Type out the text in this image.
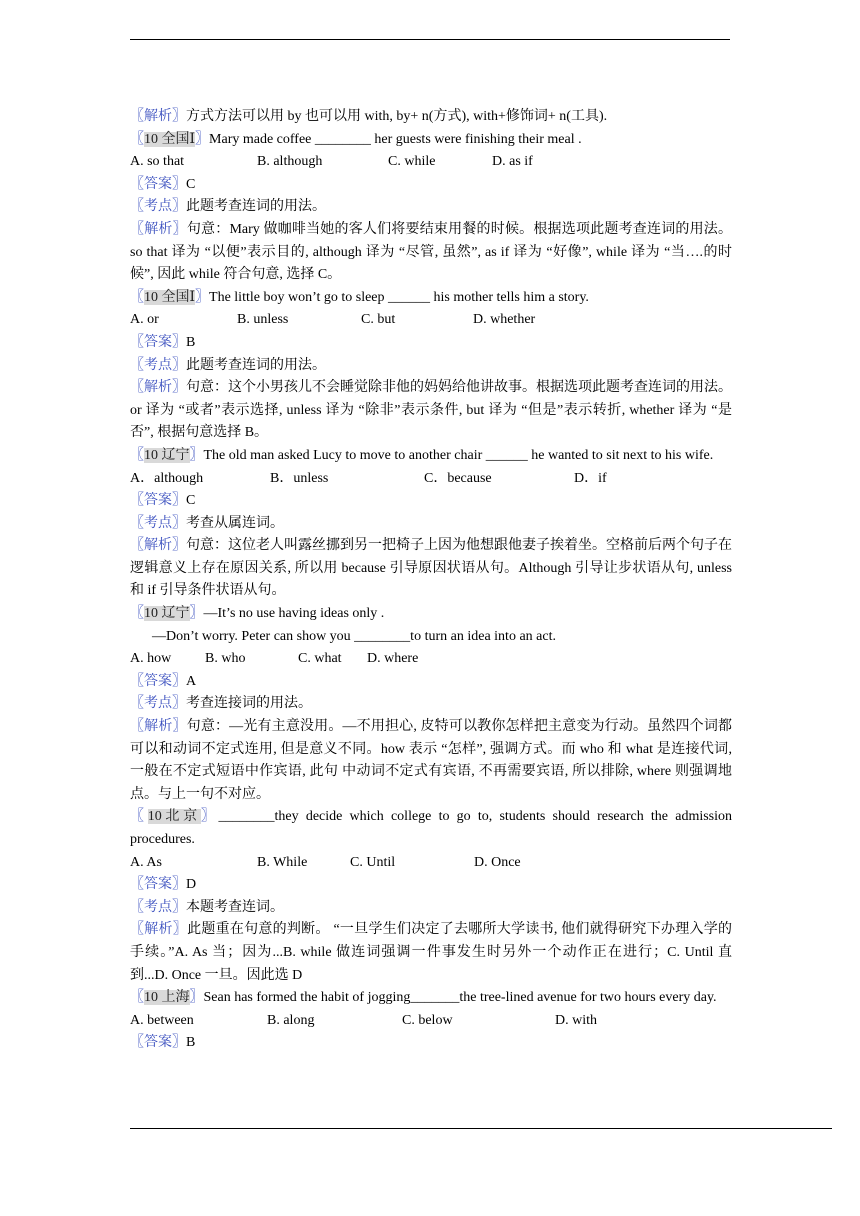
〖解析〗方式方法可以用 by 也可以用 with, by+ n(方式), with+修饰词+ n(工具).
〖10 全国Ⅰ〗Mary made coffee ________ her guests were finishing their meal .
A. so that	B. although	C. while	D. as if
〖答案〗C
〖考点〗此题考查连词的用法。
〖解析〗句意：Mary 做咖啡当她的客人们将要结束用餐的时候。根据选项此题考查连词的用法。so that 译为 “以便”表示目的, although 译为 “尽管, 虽然”, as if 译为 “好像”, while 译为 “当….的时候”, 因此 while 符合句意, 选择 C。
〖10 全国Ⅰ〗The little boy won’t go to sleep ______ his mother tells him a story.
A. or	B. unless	C. but	D. whether
〖答案〗B
〖考点〗此题考查连词的用法。
〖解析〗句意：这个小男孩儿不会睡觉除非他的妈妈给他讲故事。根据选项此题考查连词的用法。or 译为 “或者”表示选择, unless 译为 “除非”表示条件, but 译为 “但是”表示转折, whether 译为 “是否”, 根据句意选择 B。
〖10 辽宁〗The old man asked Lucy to move to another chair ______ he wanted to sit next to his wife.
A．although	B．unless	C．because	D．if
〖答案〗C
〖考点〗考查从属连词。
〖解析〗句意：这位老人叫露丝挪到另一把椅子上因为他想跟他妻子挨着坐。空格前后两个句子在逻辑意义上存在原因关系, 所以用 because 引导原因状语从句。Although 引导让步状语从句, unless 和 if 引导条件状语从句。
〖10 辽宁〗—It’s no use having ideas only .
—Don’t worry. Peter can show you ________to turn an idea into an act.
A. how	B. who	C. what	D. where
〖答案〗A
〖考点〗考查连接词的用法。
〖解析〗句意：—光有主意没用。—不用担心, 皮特可以教你怎样把主意变为行动。虽然四个词都可以和动词不定式连用, 但是意义不同。how 表示 “怎样”, 强调方式。而 who 和 what 是连接代词, 一般在不定式短语中作宾语, 此句 中动词不定式有宾语, 不再需要宾语, 所以排除, where 则强调地点。与上一句不对应。
〖10北京〗________they decide which college to go to, students should research the admission procedures.
A. As	B. While	C. Until	D. Once
〖答案〗D
〖考点〗本题考查连词。
〖解析〗此题重在句意的判断。 “一旦学生们决定了去哪所大学读书, 他们就得研究下办理入学的手续。”A. As 当；因为...B. while 做连词强调一件事发生时另外一个动作正在进行；C. Until 直到...D. Once 一旦。因此选 D
〖10 上海〗Sean has formed the habit of jogging_______the tree-lined avenue for two hours every day.
A. between	B. along	C. below	D. with
〖答案〗B
